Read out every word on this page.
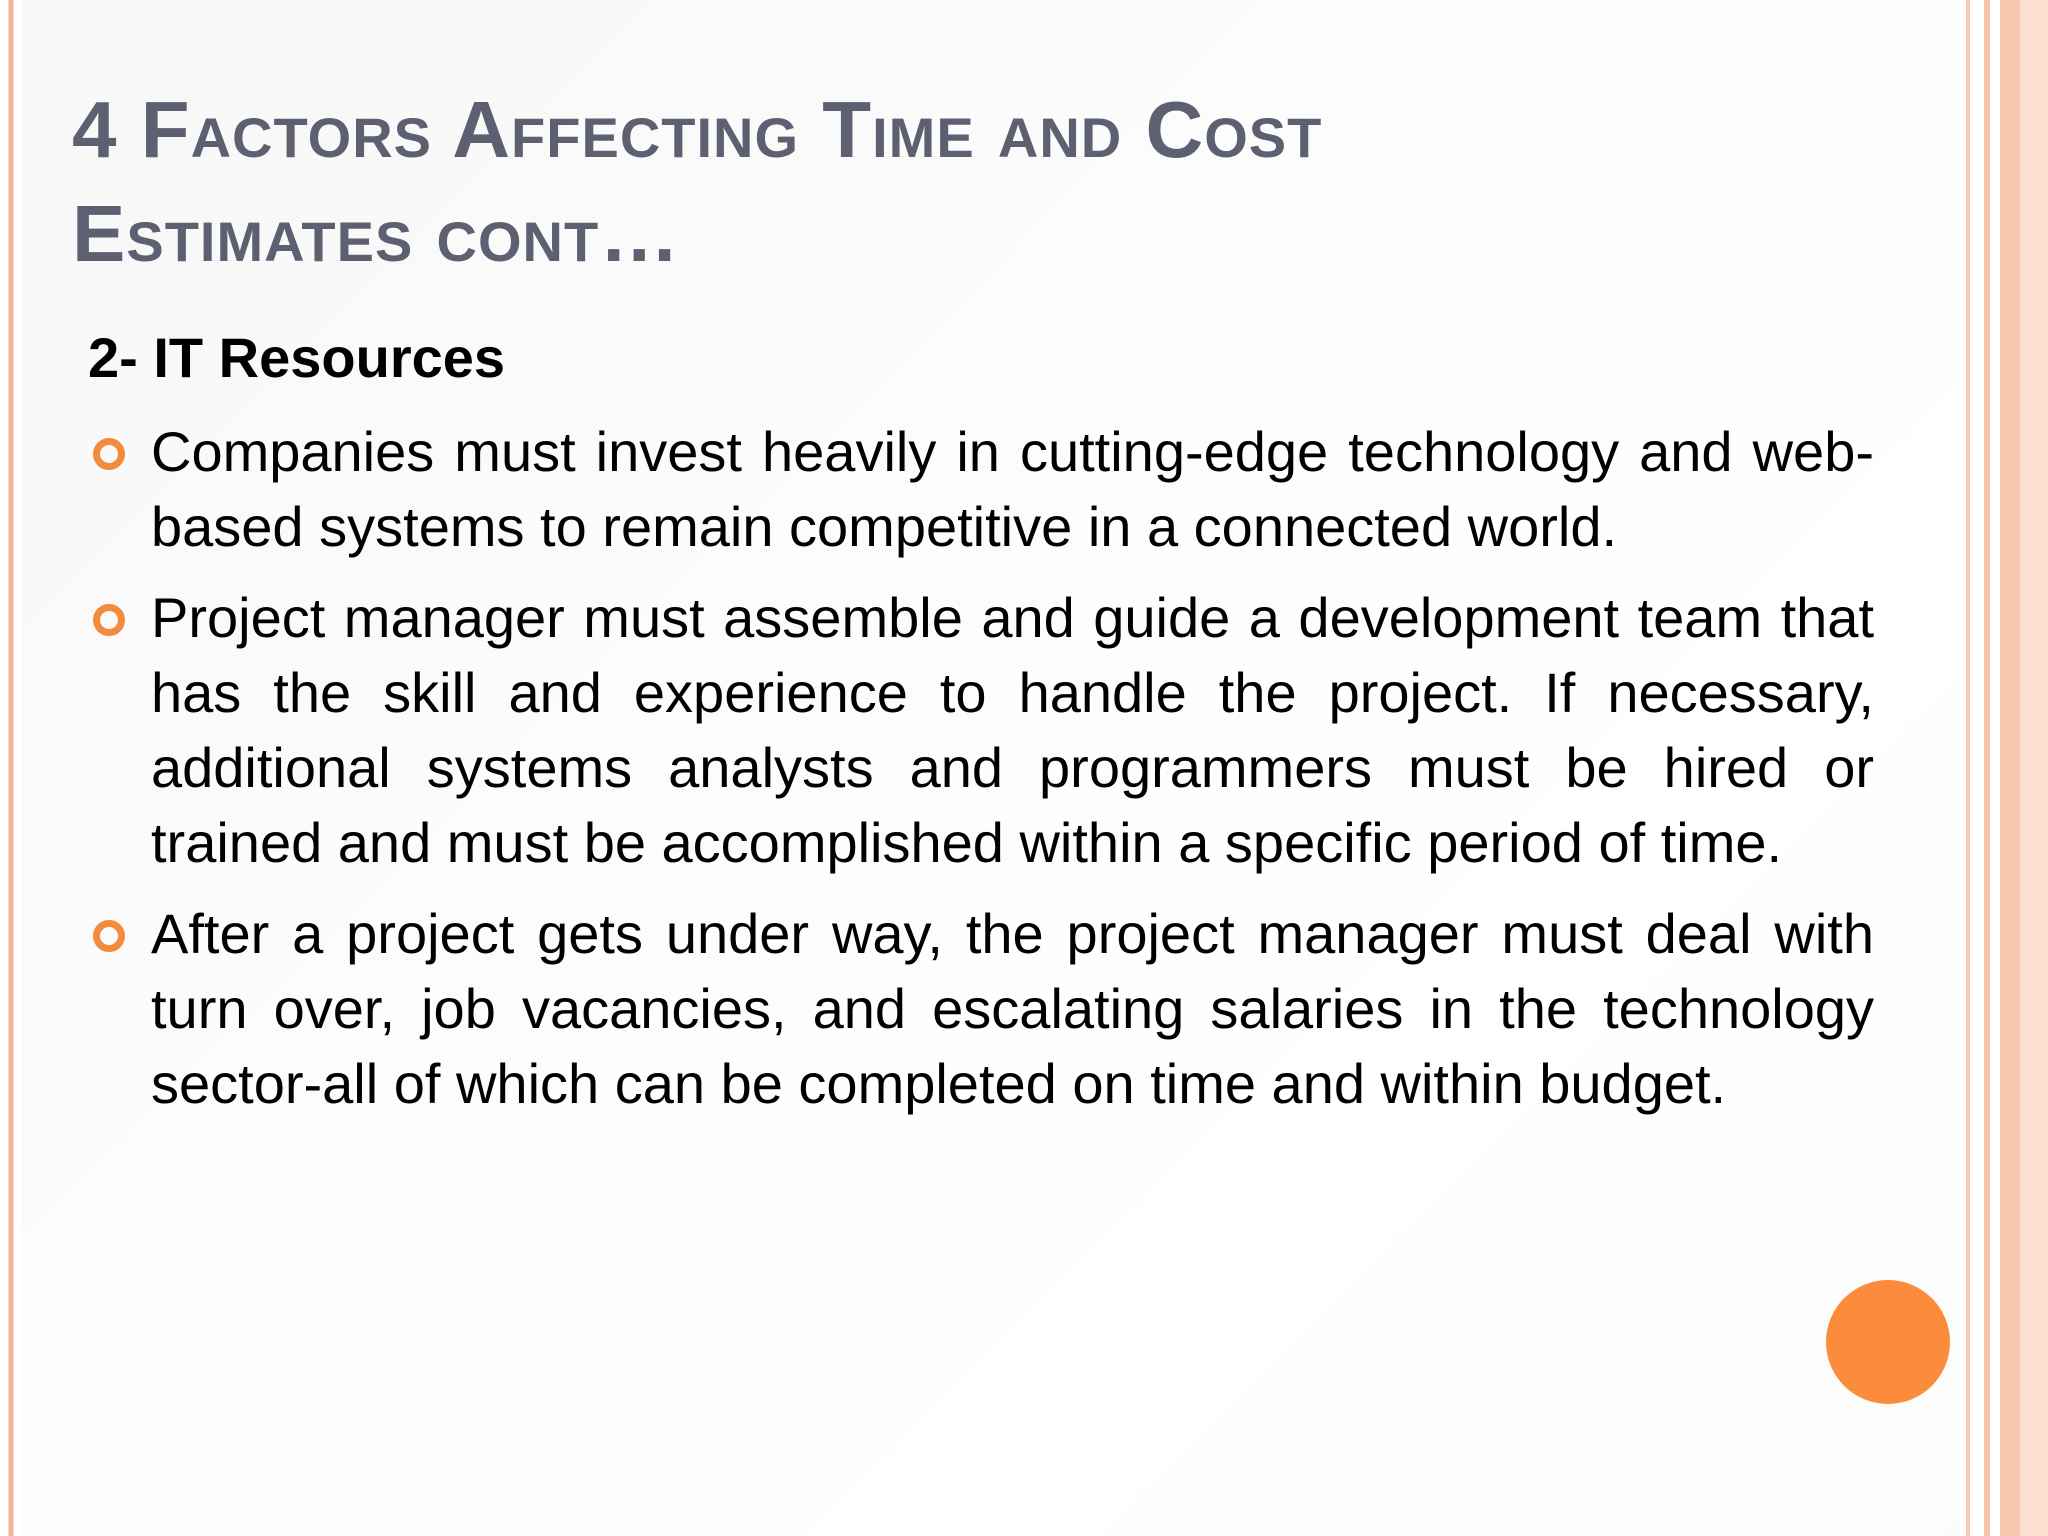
4 Factors Affecting Time and Cost
Estimates cont…
2- IT Resources
Companies must invest heavily in cutting-edge technology and web-based systems to remain competitive in a connected world.
Project manager must assemble and guide a development team that has the skill and experience to handle the project. If necessary, additional systems analysts and programmers must be hired or trained and must be accomplished within a specific period of time.
After a project gets under way, the project manager must deal with turn over, job vacancies, and escalating salaries in the technology sector-all of which can be completed on time and within budget.
